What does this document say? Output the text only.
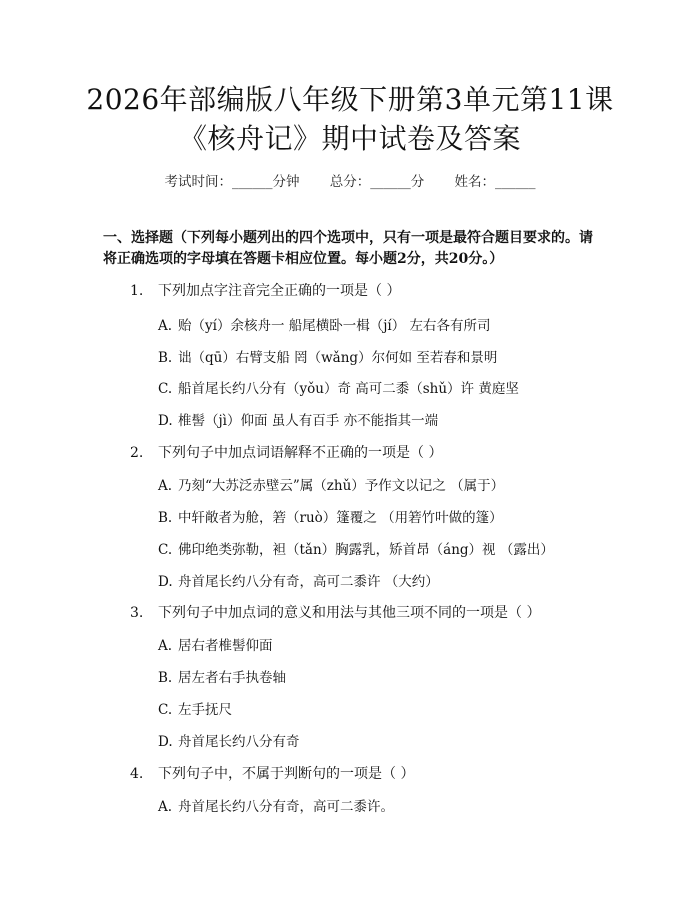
2026年部编版八年级下册第3单元第11课
《核舟记》期中试卷及答案
考试时间：______分钟 总分：______分 姓名：______
一、选择题（下列每小题列出的四个选项中，只有一项是最符合题目要求的。请将正确选项的字母填在答题卡相应位置。每小题2分，共20分。）
1. 下列加点字注音完全正确的一项是（ ）
A. 贻（yí）余核舟一 船尾横卧一楫（jí） 左右各有所司
B. 诎（qū）右臂支船 罔（wǎng）尔何如 至若春和景明
C. 船首尾长约八分有（yǒu）奇 高可二黍（shǔ）许 黄庭坚
D. 椎髻（jì）仰面 虽人有百手 亦不能指其一端
2. 下列句子中加点词语解释不正确的一项是（ ）
A. 乃刻“大苏泛赤壁云”属（zhǔ）予作文以记之 （属于）
B. 中轩敞者为舱，箬（ruò）篷覆之 （用箬竹叶做的篷）
C. 佛印绝类弥勒，袒（tǎn）胸露乳，矫首昂（áng）视 （露出）
D. 舟首尾长约八分有奇，高可二黍许 （大约）
3. 下列句子中加点词的意义和用法与其他三项不同的一项是（ ）
A. 居右者椎髻仰面
B. 居左者右手执卷轴
C. 左手抚尺
D. 舟首尾长约八分有奇
4. 下列句子中，不属于判断句的一项是（ ）
A. 舟首尾长约八分有奇，高可二黍许。
